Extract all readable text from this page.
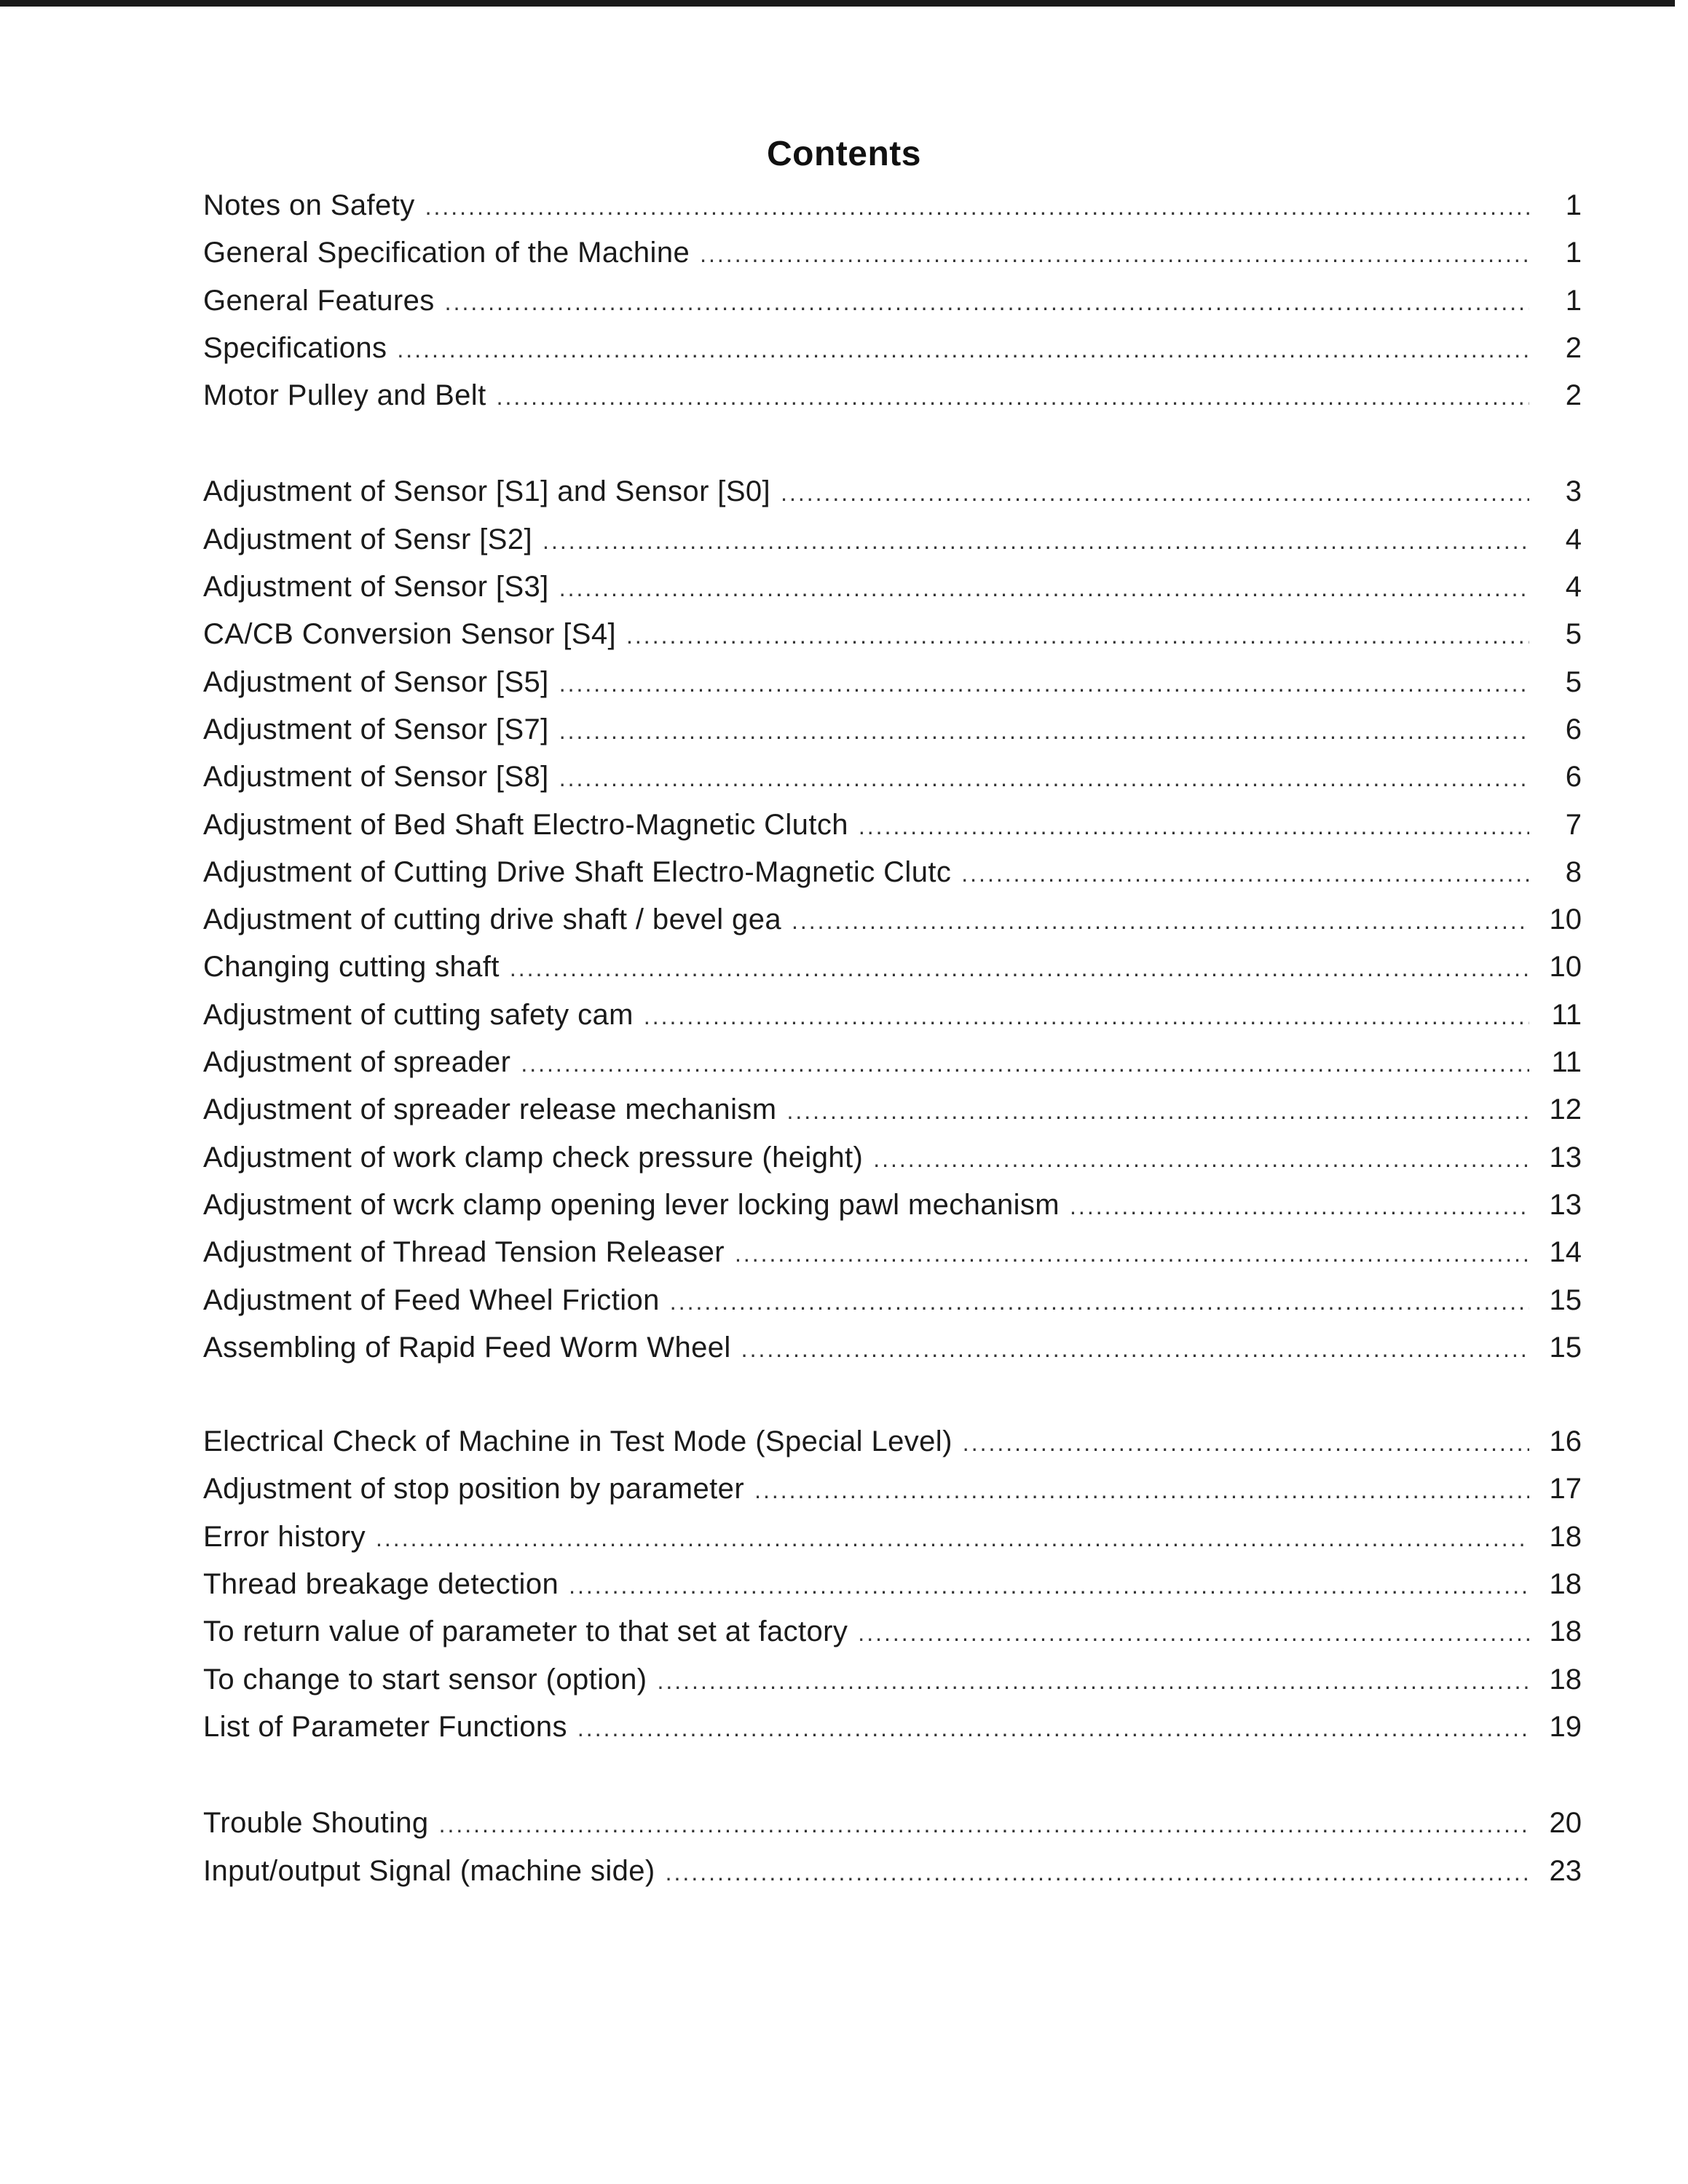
Contents
Notes on Safety .....	1
General Specification of the Machine .....	1
General Features .....	1
Specifications .....	2
Motor Pulley and Belt .....	2
Adjustment of Sensor [S1] and Sensor [S0] .....	3
Adjustment of Sensr [S2] .....	4
Adjustment of Sensor [S3] .....	4
CA/CB Conversion Sensor [S4] .....	5
Adjustment of Sensor [S5] .....	5
Adjustment of Sensor [S7] .....	6
Adjustment of Sensor [S8] .....	6
Adjustment of Bed Shaft Electro-Magnetic Clutch .....	7
Adjustment of Cutting Drive Shaft Electro-Magnetic Clutc .....	8
Adjustment of cutting drive shaft / bevel gea .....	10
Changing cutting shaft .....	10
Adjustment of cutting safety cam .....	11
Adjustment of spreader .....	11
Adjustment of spreader release mechanism .....	12
Adjustment of work clamp check pressure (height) .....	13
Adjustment of wcrk clamp opening lever locking pawl mechanism .....	13
Adjustment of Thread Tension Releaser .....	14
Adjustment of Feed Wheel Friction .....	15
Assembling of Rapid Feed Worm Wheel .....	15
Electrical Check of Machine in Test Mode (Special Level) .....	16
Adjustment of stop position by parameter .....	17
Error history .....	18
Thread breakage detection .....	18
To return value of parameter to that set at factory .....	18
To change to start sensor (option) .....	18
List of Parameter Functions .....	19
Trouble Shouting .....	20
Input/output Signal (machine side) .....	23
